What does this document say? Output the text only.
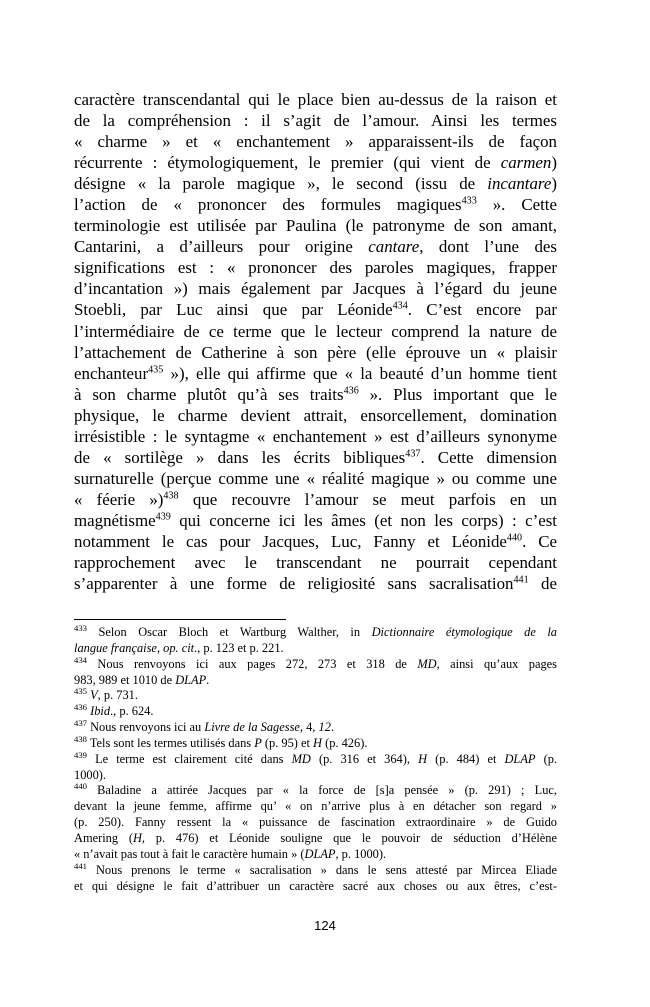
caractère transcendantal qui le place bien au-dessus de la raison et
de la compréhension : il s’agit de l’amour. Ainsi les termes
« charme » et « enchantement » apparaissent-ils de façon
récurrente : étymologiquement, le premier (qui vient de carmen)
désigne « la parole magique », le second (issu de incantare)
l’action de « prononcer des formules magiques$^{433}$ ». Cette
terminologie est utilisée par Paulina (le patronyme de son amant,
Cantarini, a d’ailleurs pour origine cantare, dont l’une des
significations est : « prononcer des paroles magiques, frapper
d’incantation ») mais également par Jacques à l’égard du jeune
Stoebli, par Luc ainsi que par Léonide$^{434}$. C’est encore par
l’intermédiaire de ce terme que le lecteur comprend la nature de
l’attachement de Catherine à son père (elle éprouve un « plaisir
enchanteur$^{435}$ »), elle qui affirme que « la beauté d’un homme tient
à son charme plutôt qu’à ses traits$^{436}$ ». Plus important que le
physique, le charme devient attrait, ensorcellement, domination
irrésistible : le syntagme « enchantement » est d’ailleurs synonyme
de « sortilège » dans les écrits bibliques$^{437}$. Cette dimension
surnaturelle (perçue comme une « réalité magique » ou comme une
« féerie »)$^{438}$ que recouvre l’amour se meut parfois en un
magnétisme$^{439}$ qui concerne ici les âmes (et non les corps) : c’est
notamment le cas pour Jacques, Luc, Fanny et Léonide$^{440}$. Ce
rapprochement avec le transcendant ne pourrait cependant
s’apparenter à une forme de religiosité sans sacralisation$^{441}$ de
$^{433}$ Selon Oscar Bloch et Wartburg Walther, in Dictionnaire étymologique de la
langue française, op. cit., p. 123 et p. 221.
$^{434}$ Nous renvoyons ici aux pages 272, 273 et 318 de MD, ainsi qu’aux pages
983, 989 et 1010 de DLAP.
$^{435}$ V, p. 731.
$^{436}$ Ibid., p. 624.
$^{437}$ Nous renvoyons ici au Livre de la Sagesse, 4, 12.
$^{438}$ Tels sont les termes utilisés dans P (p. 95) et H (p. 426).
$^{439}$ Le terme est clairement cité dans MD (p. 316 et 364), H (p. 484) et DLAP (p.
1000).
$^{440}$ Baladine a attirée Jacques par « la force de [s]a pensée » (p. 291) ; Luc,
devant la jeune femme, affirme qu’ « on n’arrive plus à en détacher son regard »
(p. 250). Fanny ressent la « puissance de fascination extraordinaire » de Guido
Amering (H, p. 476) et Léonide souligne que le pouvoir de séduction d’Hélène
« n’avait pas tout à fait le caractère humain » (DLAP, p. 1000).
$^{441}$ Nous prenons le terme « sacralisation » dans le sens attesté par Mircea Eliade
et qui désigne le fait d’attribuer un caractère sacré aux choses ou aux êtres, c’est-
124
